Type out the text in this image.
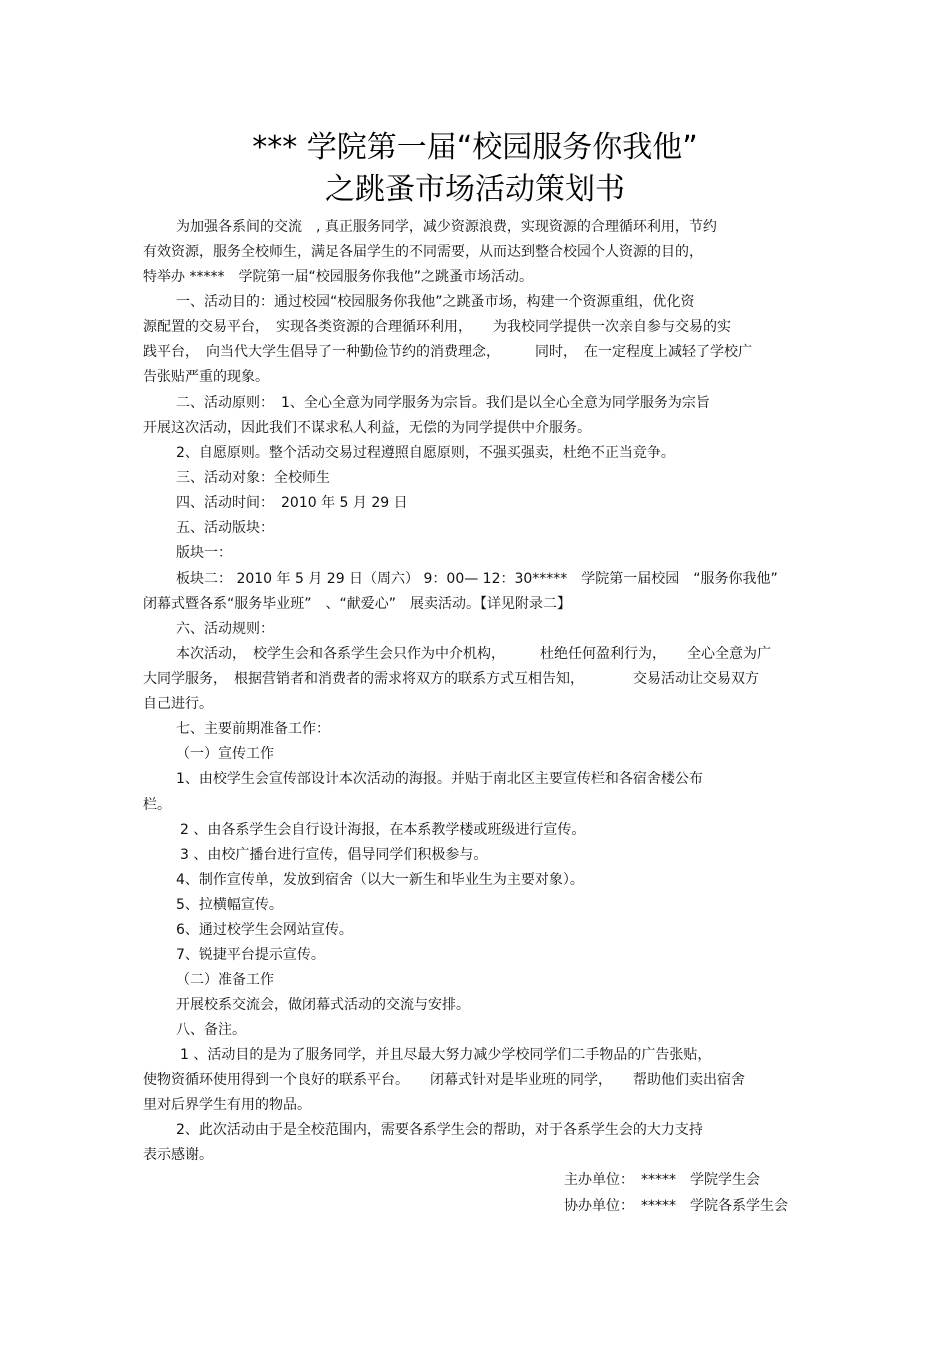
*** 学院第一届“校园服务你我他”
之跳蚤市场活动策划书
为加强各系间的交流　, 真正服务同学，减少资源浪费，实现资源的合理循环利用，节约
有效资源，服务全校师生，满足各届学生的不同需要，从而达到整合校园个人资源的目的，
特举办 *****　学院第一届“校园服务你我他”之跳蚤市场活动。
一、活动目的：通过校园“校园服务你我他”之跳蚤市场，构建一个资源重组，优化资
源配置的交易平台，　实现各类资源的合理循环利用，　　为我校同学提供一次亲自参与交易的实
践平台，　向当代大学生倡导了一种勤俭节约的消费理念，　　　同时，　在一定程度上减轻了学校广
告张贴严重的现象。
二、活动原则：　1、全心全意为同学服务为宗旨。我们是以全心全意为同学服务为宗旨
开展这次活动，因此我们不谋求私人利益，无偿的为同学提供中介服务。
2、自愿原则。整个活动交易过程遵照自愿原则，不强买强卖，杜绝不正当竞争。
三、活动对象：全校师生
四、活动时间：　2010 年 5 月 29 日
五、活动版块：
版块一：
板块二： 2010 年 5 月 29 日（周六） 9：00— 12：30*****　学院第一届校园　“服务你我他”
闭幕式暨各系“服务毕业班”　、“献爱心”　展卖活动。【详见附录二】
六、活动规则：
本次活动，　校学生会和各系学生会只作为中介机构，　　　杜绝任何盈利行为，　　全心全意为广
大同学服务，　根据营销者和消费者的需求将双方的联系方式互相告知，　　　　交易活动让交易双方
自己进行。
七、主要前期准备工作：
（一）宣传工作
1、由校学生会宣传部设计本次活动的海报。并贴于南北区主要宣传栏和各宿舍楼公布
栏。
2 、由各系学生会自行设计海报，在本系教学楼或班级进行宣传。
3 、由校广播台进行宣传，倡导同学们积极参与。
4、制作宣传单，发放到宿舍（以大一新生和毕业生为主要对象）。
5、拉横幅宣传。
6、通过校学生会网站宣传。
7、锐捷平台提示宣传。
（二）准备工作
开展校系交流会，做闭幕式活动的交流与安排。
八、备注。
1 、活动目的是为了服务同学，并且尽最大努力减少学校同学们二手物品的广告张贴，
使物资循环使用得到一个良好的联系平台。　　闭幕式针对是毕业班的同学，　　帮助他们卖出宿舍
里对后界学生有用的物品。
2、此次活动由于是全校范围内，需要各系学生会的帮助，对于各系学生会的大力支持
表示感谢。
主办单位：　*****　学院学生会
协办单位：　*****　学院各系学生会
